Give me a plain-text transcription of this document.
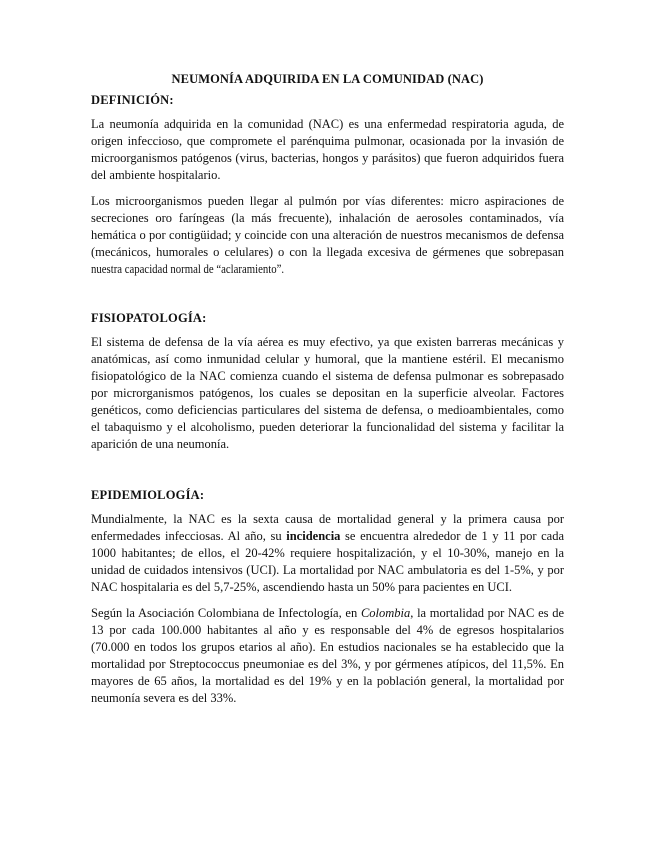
NEUMONÍA ADQUIRIDA EN LA COMUNIDAD (NAC)
DEFINICIÓN:

La neumonía adquirida en la comunidad (NAC) es una enfermedad respiratoria aguda, de origen infeccioso, que compromete el parénquima pulmonar, ocasionada por la invasión de microorganismos patógenos (virus, bacterias, hongos y parásitos) que fueron adquiridos fuera del ambiente hospitalario.

Los microorganismos pueden llegar al pulmón por vías diferentes: micro aspiraciones de secreciones oro faríngeas (la más frecuente), inhalación de aerosoles contaminados, vía hemática o por contigüidad; y coincide con una alteración de nuestros mecanismos de defensa (mecánicos, humorales o celulares) o con la llegada excesiva de gérmenes que sobrepasan nuestra capacidad normal de “aclaramiento”.

FISIOPATOLOGÍA:

El sistema de defensa de la vía aérea es muy efectivo, ya que existen barreras mecánicas y anatómicas, así como inmunidad celular y humoral, que la mantiene estéril. El mecanismo fisiopatológico de la NAC comienza cuando el sistema de defensa pulmonar es sobrepasado por microrganismos patógenos, los cuales se depositan en la superficie alveolar. Factores genéticos, como deficiencias particulares del sistema de defensa, o medioambientales, como el tabaquismo y el alcoholismo, pueden deteriorar la funcionalidad del sistema y facilitar la aparición de una neumonía.

EPIDEMIOLOGÍA:

Mundialmente, la NAC es la sexta causa de mortalidad general y la primera causa por enfermedades infecciosas. Al año, su incidencia se encuentra alrededor de 1 y 11 por cada 1000 habitantes; de ellos, el 20-42% requiere hospitalización, y el 10-30%, manejo en la unidad de cuidados intensivos (UCI). La mortalidad por NAC ambulatoria es del 1-5%, y por NAC hospitalaria es del 5,7-25%, ascendiendo hasta un 50% para pacientes en UCI.

Según la Asociación Colombiana de Infectología, en Colombia, la mortalidad por NAC es de 13 por cada 100.000 habitantes al año y es responsable del 4% de egresos hospitalarios (70.000 en todos los grupos etarios al año). En estudios nacionales se ha establecido que la mortalidad por Streptococcus pneumoniae es del 3%, y por gérmenes atípicos, del 11,5%. En mayores de 65 años, la mortalidad es del 19% y en la población general, la mortalidad por neumonía severa es del 33%.
